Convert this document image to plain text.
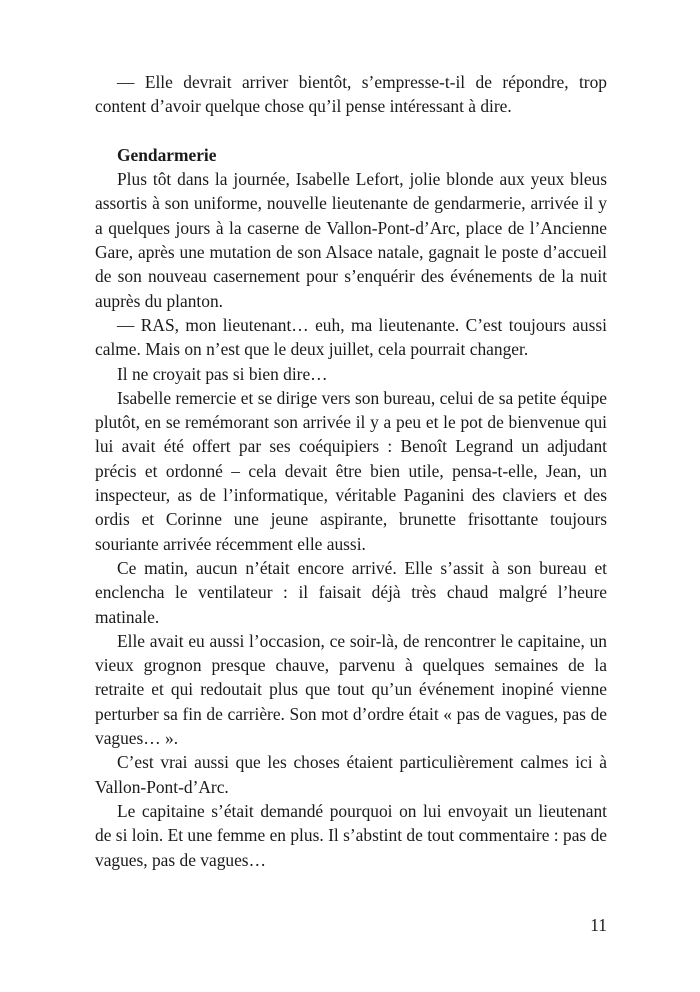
— Elle devrait arriver bientôt, s’empresse-t-il de répondre, trop content d’avoir quelque chose qu’il pense intéressant à dire.

Gendarmerie

Plus tôt dans la journée, Isabelle Lefort, jolie blonde aux yeux bleus assortis à son uniforme, nouvelle lieutenante de gendarmerie, arrivée il y a quelques jours à la caserne de Vallon-Pont-d’Arc, place de l’Ancienne Gare, après une mutation de son Alsace natale, gagnait le poste d’accueil de son nouveau casernement pour s’enquérir des événements de la nuit auprès du planton.

— RAS, mon lieutenant… euh, ma lieutenante. C’est toujours aussi calme. Mais on n’est que le deux juillet, cela pourrait changer.

Il ne croyait pas si bien dire…

Isabelle remercie et se dirige vers son bureau, celui de sa petite équipe plutôt, en se remémorant son arrivée il y a peu et le pot de bienvenue qui lui avait été offert par ses coéquipiers : Benoît Legrand un adjudant précis et ordonné – cela devait être bien utile, pensa-t-elle, Jean, un inspecteur, as de l’informatique, véritable Paganini des claviers et des ordis et Corinne une jeune aspirante, brunette frisottante toujours souriante arrivée récemment elle aussi.

Ce matin, aucun n’était encore arrivé. Elle s’assit à son bureau et enclencha le ventilateur : il faisait déjà très chaud malgré l’heure matinale.

Elle avait eu aussi l’occasion, ce soir-là, de rencontrer le capitaine, un vieux grognon presque chauve, parvenu à quelques semaines de la retraite et qui redoutait plus que tout qu’un événement inopiné vienne perturber sa fin de carrière. Son mot d’ordre était « pas de vagues, pas de vagues… ».

C’est vrai aussi que les choses étaient particulièrement calmes ici à Vallon-Pont-d’Arc.

Le capitaine s’était demandé pourquoi on lui envoyait un lieutenant de si loin. Et une femme en plus. Il s’abstint de tout commentaire : pas de vagues, pas de vagues…

11
